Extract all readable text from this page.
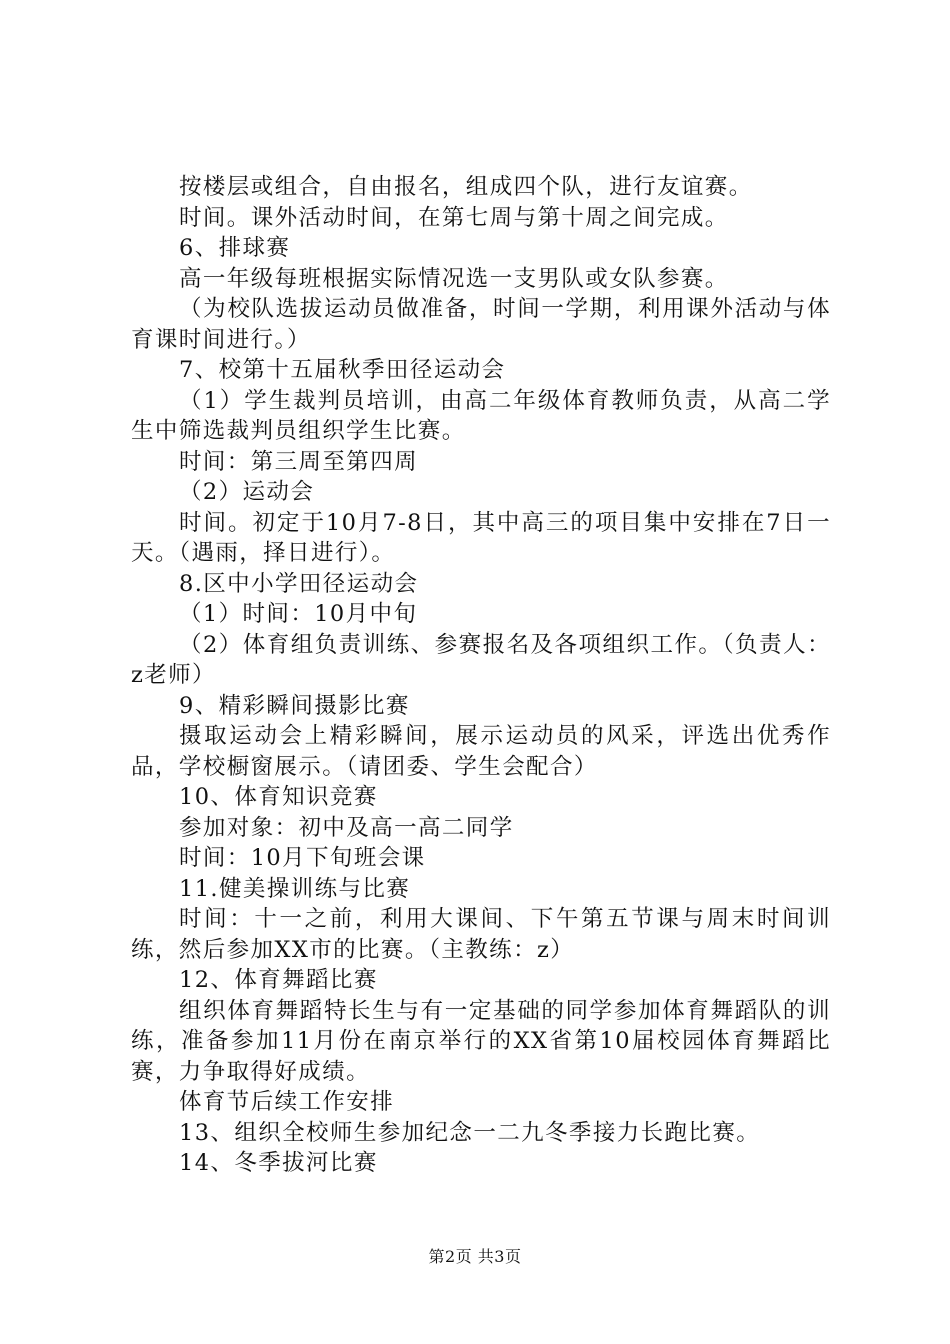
按楼层或组合，自由报名，组成四个队，进行友谊赛。

时间。课外活动时间，在第七周与第十周之间完成。

6、排球赛

高一年级每班根据实际情况选一支男队或女队参赛。

（为校队选拔运动员做准备，时间一学期，利用课外活动与体育课时间进行。）

7、校第十五届秋季田径运动会

（1）学生裁判员培训，由高二年级体育教师负责，从高二学生中筛选裁判员组织学生比赛。

时间：第三周至第四周

（2）运动会

时间。初定于10月7-8日，其中高三的项目集中安排在7日一天。（遇雨，择日进行）。

8.区中小学田径运动会

（1）时间：10月中旬

（2）体育组负责训练、参赛报名及各项组织工作。（负责人：z老师）

9、精彩瞬间摄影比赛

摄取运动会上精彩瞬间，展示运动员的风采，评选出优秀作品，学校橱窗展示。（请团委、学生会配合）

10、体育知识竞赛

参加对象：初中及高一高二同学

时间：10月下旬班会课

11.健美操训练与比赛

时间：十一之前，利用大课间、下午第五节课与周末时间训练，然后参加XX市的比赛。（主教练：z）

12、体育舞蹈比赛

组织体育舞蹈特长生与有一定基础的同学参加体育舞蹈队的训练，准备参加11月份在南京举行的XX省第10届校园体育舞蹈比赛，力争取得好成绩。

体育节后续工作安排

13、组织全校师生参加纪念一二九冬季接力长跑比赛。

14、冬季拔河比赛

第2页 共3页
